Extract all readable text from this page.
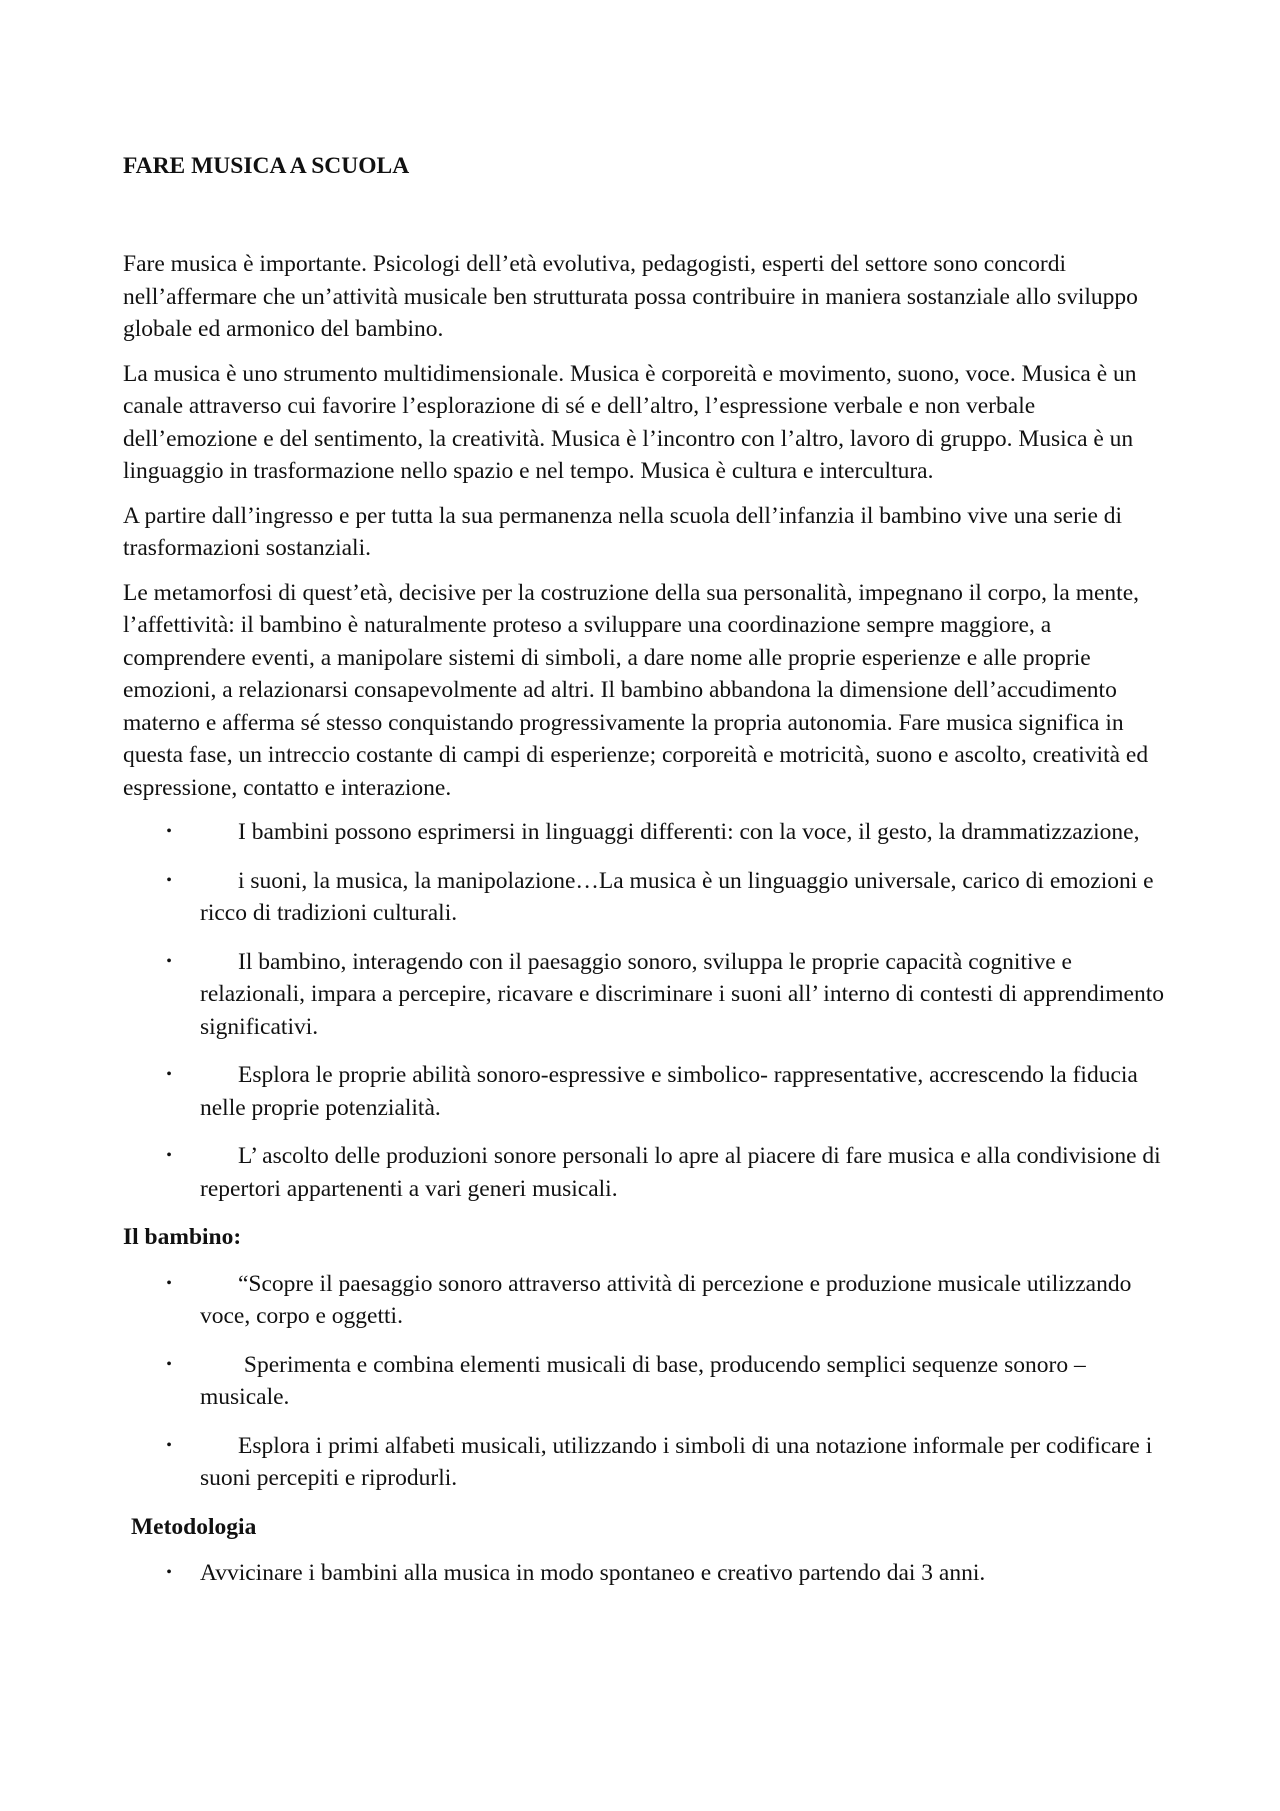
FARE MUSICA A SCUOLA

Fare musica è importante. Psicologi dell’età evolutiva, pedagogisti, esperti del settore sono concordi nell’affermare che un’attività musicale ben strutturata possa contribuire in maniera sostanziale allo sviluppo globale ed armonico del bambino.

La musica è uno strumento multidimensionale. Musica è corporeità e movimento, suono, voce. Musica è un canale attraverso cui favorire l’esplorazione di sé e dell’altro, l’espressione verbale e non verbale dell’emozione e del sentimento, la creatività. Musica è l’incontro con l’altro, lavoro di gruppo. Musica è un linguaggio in trasformazione nello spazio e nel tempo. Musica è cultura e intercultura.

A partire dall’ingresso e per tutta la sua permanenza nella scuola dell’infanzia il bambino vive una serie di trasformazioni sostanziali.

Le metamorfosi di quest’età, decisive per la costruzione della sua personalità, impegnano il corpo, la mente, l’affettività: il bambino è naturalmente proteso a sviluppare una coordinazione sempre maggiore, a comprendere eventi, a manipolare sistemi di simboli, a dare nome alle proprie esperienze e alle proprie emozioni, a relazionarsi consapevolmente ad altri. Il bambino abbandona la dimensione dell’accudimento materno e afferma sé stesso conquistando progressivamente la propria autonomia. Fare musica significa in questa fase, un intreccio costante di campi di esperienze; corporeità e motricità, suono e ascolto, creatività ed espressione, contatto e interazione.

•	I bambini possono esprimersi in linguaggi differenti: con la voce, il gesto, la drammatizzazione,
•	i suoni, la musica, la manipolazione…La musica è un linguaggio universale, carico di emozioni e ricco di tradizioni culturali.
•	Il bambino, interagendo con il paesaggio sonoro, sviluppa le proprie capacità cognitive e relazionali, impara a percepire, ricavare e discriminare i suoni all’ interno di contesti di apprendimento significativi.
•	Esplora le proprie abilità sonoro-espressive e simbolico- rappresentative, accrescendo la fiducia nelle proprie potenzialità.
•	L’ ascolto delle produzioni sonore personali lo apre al piacere di fare musica e alla condivisione di repertori appartenenti a vari generi musicali.
Il bambino:
•	“Scopre il paesaggio sonoro attraverso attività di percezione e produzione musicale utilizzando voce, corpo e oggetti.
•	Sperimenta e combina elementi musicali di base, producendo semplici sequenze sonoro – musicale.
•	Esplora i primi alfabeti musicali, utilizzando i simboli di una notazione informale per codificare i suoni percepiti e riprodurli.
Metodologia
•	Avvicinare i bambini alla musica in modo spontaneo e creativo partendo dai 3 anni.
